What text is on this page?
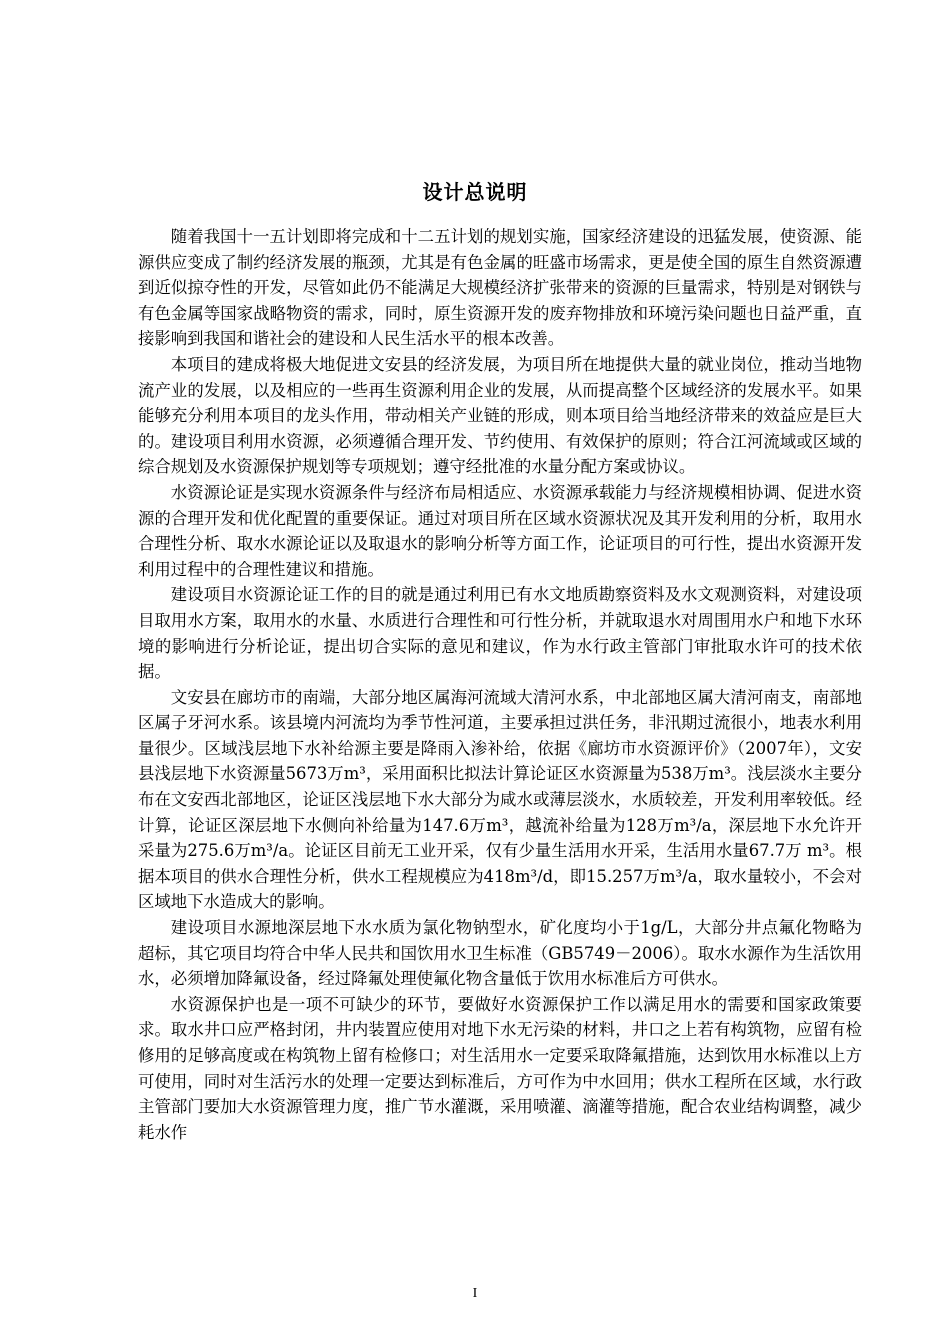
设计总说明

随着我国十一五计划即将完成和十二五计划的规划实施，国家经济建设的迅猛发展，使资源、能源供应变成了制约经济发展的瓶颈，尤其是有色金属的旺盛市场需求，更是使全国的原生自然资源遭到近似掠夺性的开发，尽管如此仍不能满足大规模经济扩张带来的资源的巨量需求，特别是对钢铁与有色金属等国家战略物资的需求，同时，原生资源开发的废弃物排放和环境污染问题也日益严重，直接影响到我国和谐社会的建设和人民生活水平的根本改善。

本项目的建成将极大地促进文安县的经济发展，为项目所在地提供大量的就业岗位，推动当地物流产业的发展，以及相应的一些再生资源利用企业的发展，从而提高整个区域经济的发展水平。如果能够充分利用本项目的龙头作用，带动相关产业链的形成，则本项目给当地经济带来的效益应是巨大的。建设项目利用水资源，必须遵循合理开发、节约使用、有效保护的原则；符合江河流域或区域的综合规划及水资源保护规划等专项规划；遵守经批准的水量分配方案或协议。

水资源论证是实现水资源条件与经济布局相适应、水资源承载能力与经济规模相协调、促进水资源的合理开发和优化配置的重要保证。通过对项目所在区域水资源状况及其开发利用的分析，取用水合理性分析、取水水源论证以及取退水的影响分析等方面工作，论证项目的可行性，提出水资源开发利用过程中的合理性建议和措施。

建设项目水资源论证工作的目的就是通过利用已有水文地质勘察资料及水文观测资料，对建设项目取用水方案，取用水的水量、水质进行合理性和可行性分析，并就取退水对周围用水户和地下水环境的影响进行分析论证，提出切合实际的意见和建议，作为水行政主管部门审批取水许可的技术依据。

文安县在廊坊市的南端，大部分地区属海河流域大清河水系，中北部地区属大清河南支，南部地区属子牙河水系。该县境内河流均为季节性河道，主要承担过洪任务，非汛期过流很小，地表水利用量很少。区域浅层地下水补给源主要是降雨入渗补给，依据《廊坊市水资源评价》（2007年），文安县浅层地下水资源量5673万m³，采用面积比拟法计算论证区水资源量为538万m³。浅层淡水主要分布在文安西北部地区，论证区浅层地下水大部分为咸水或薄层淡水，水质较差，开发利用率较低。经计算，论证区深层地下水侧向补给量为147.6万m³，越流补给量为128万m³/a，深层地下水允许开采量为275.6万m³/a。论证区目前无工业开采，仅有少量生活用水开采，生活用水量67.7万 m³。根据本项目的供水合理性分析，供水工程规模应为418m³/d，即15.257万m³/a，取水量较小，不会对区域地下水造成大的影响。

建设项目水源地深层地下水水质为氯化物钠型水，矿化度均小于1g/L，大部分井点氟化物略为超标，其它项目均符合中华人民共和国饮用水卫生标准（GB5749－2006）。取水水源作为生活饮用水，必须增加降氟设备，经过降氟处理使氟化物含量低于饮用水标准后方可供水。

水资源保护也是一项不可缺少的环节，要做好水资源保护工作以满足用水的需要和国家政策要求。取水井口应严格封闭，井内装置应使用对地下水无污染的材料，井口之上若有构筑物，应留有检修用的足够高度或在构筑物上留有检修口；对生活用水一定要采取降氟措施，达到饮用水标准以上方可使用，同时对生活污水的处理一定要达到标准后，方可作为中水回用；供水工程所在区域，水行政主管部门要加大水资源管理力度，推广节水灌溉，采用喷灌、滴灌等措施，配合农业结构调整，减少耗水作

I
